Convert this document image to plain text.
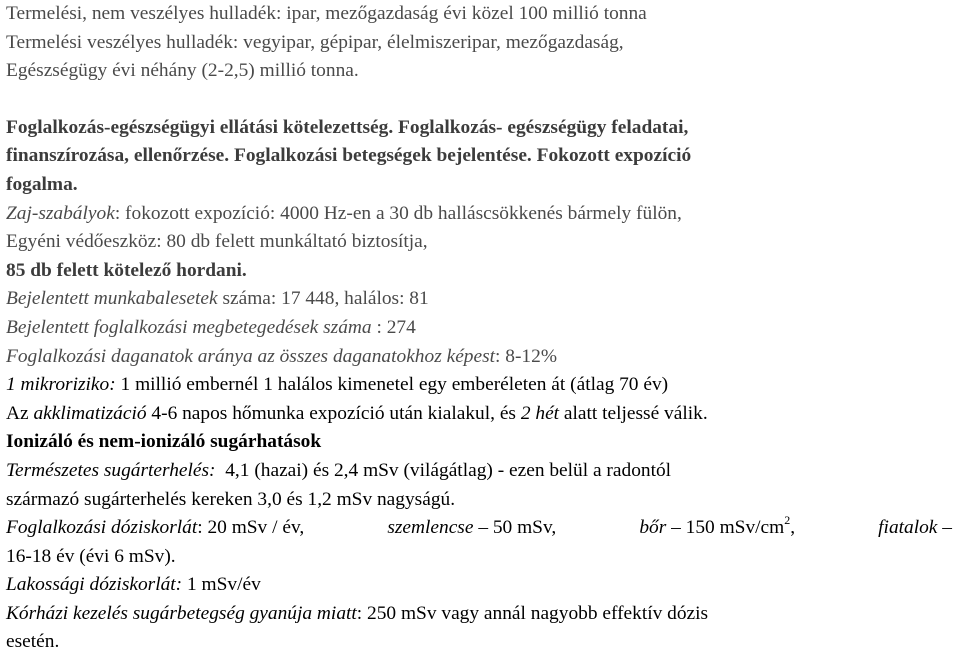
Termelési, nem veszélyes hulladék: ipar, mezőgazdaság évi közel 100 millió tonna
Termelési veszélyes hulladék: vegyipar, gépipar, élelmiszeripar, mezőgazdaság,
Egészségügy évi néhány (2-2,5) millió tonna.
Foglalkozás-egészségügyi ellátási kötelezettség. Foglalkozás- egészségügy feladatai,
finanszírozása, ellenőrzése. Foglalkozási betegségek bejelentése. Fokozott expozíció
fogalma.
Zaj-szabályok: fokozott expozíció: 4000 Hz-en a 30 db halláscsökkenés bármely fülön,
Egyéni védőeszköz: 80 db felett munkáltató biztosítja,
85 db felett kötelező hordani.
Bejelentett munkabalesetek száma: 17 448, halálos: 81
Bejelentett foglalkozási megbetegedések száma : 274
Foglalkozási daganatok aránya az összes daganatokhoz képest: 8-12%
1 mikroriziko: 1 millió embernél 1 halálos kimenetel egy emberéleten át (átlag 70 év)
Az akklimatizáció 4-6 napos hőmunka expozíció után kialakul, és 2 hét alatt teljessé válik.
Ionizáló és nem-ionizáló sugárhatások
Természetes sugárterhelés:  4,1 (hazai) és 2,4 mSv (világátlag) - ezen belül a radontól
származó sugárterhelés kereken 3,0 és 1,2 mSv nagyságú.
Foglalkozási dóziskorlát: 20 mSv / év,	szemlencse – 50 mSv,	bőr – 150 mSv/$cm^2$,	fiatalok –
16-18 év (évi 6 mSv).
Lakossági dóziskorlát: 1 mSv/év
Kórházi kezelés sugárbetegség gyanúja miatt: 250 mSv vagy annál nagyobb effektív dózis
esetén.
